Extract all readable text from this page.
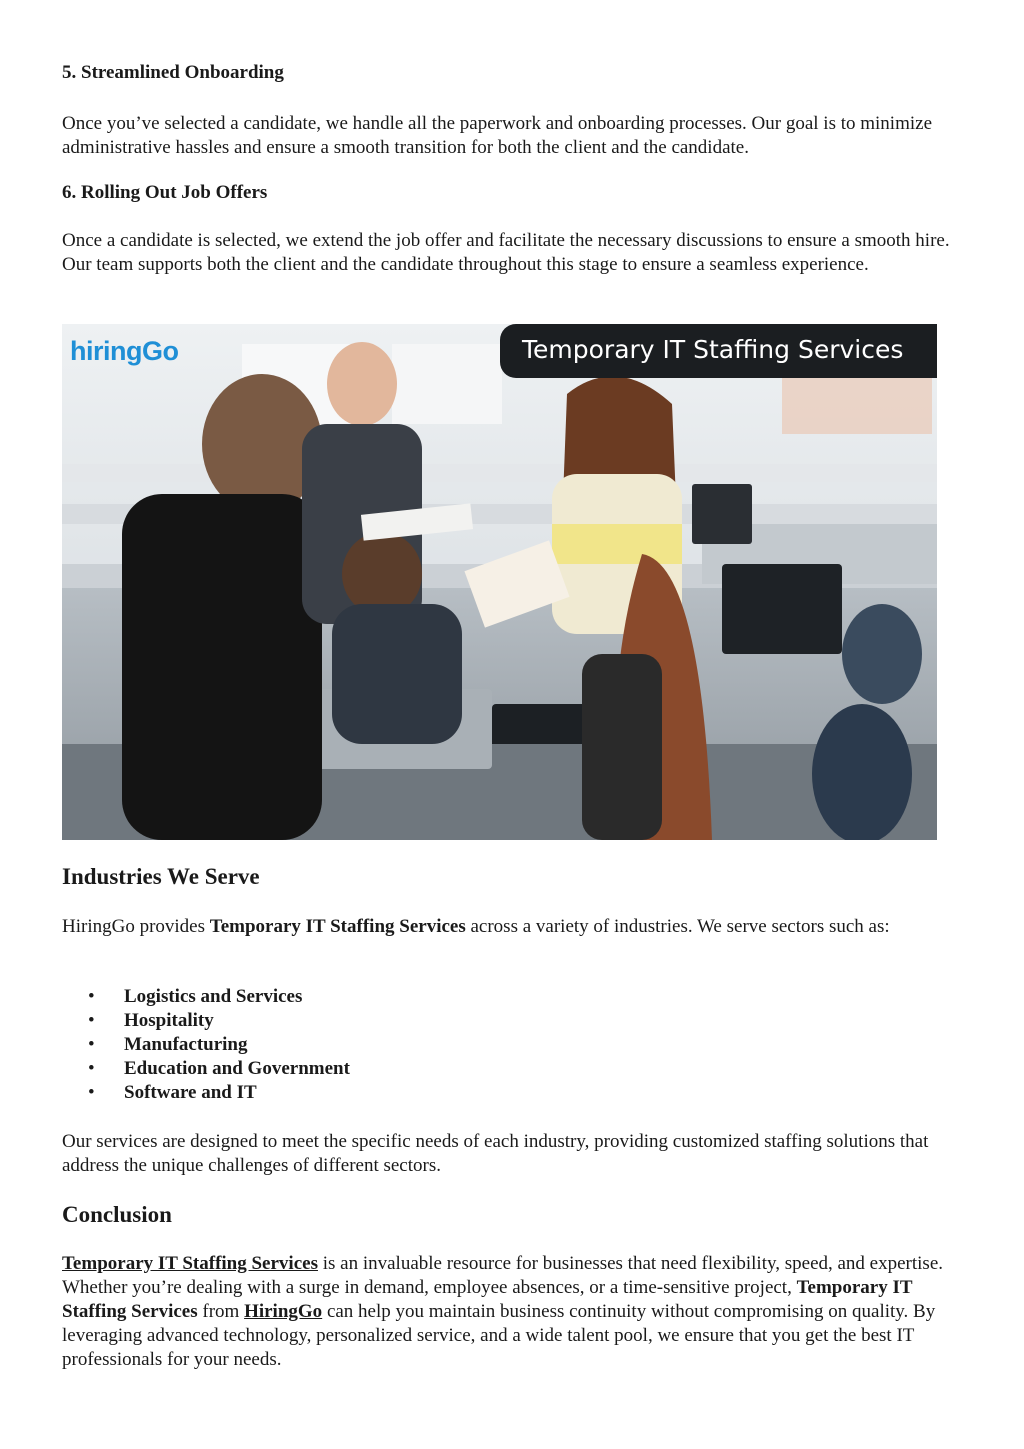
5. Streamlined Onboarding

Once you’ve selected a candidate, we handle all the paperwork and onboarding processes. Our goal is to minimize administrative hassles and ensure a smooth transition for both the client and the candidate.

6. Rolling Out Job Offers

Once a candidate is selected, we extend the job offer and facilitate the necessary discussions to ensure a smooth hire. Our team supports both the client and the candidate throughout this stage to ensure a seamless experience.

hiringGo	Temporary IT Staffing Services
Industries We Serve

HiringGo provides Temporary IT Staffing Services across a variety of industries. We serve sectors such as:

• Logistics and Services
• Hospitality
• Manufacturing
• Education and Government
• Software and IT

Our services are designed to meet the specific needs of each industry, providing customized staffing solutions that address the unique challenges of different sectors.

Conclusion

Temporary IT Staffing Services is an invaluable resource for businesses that need flexibility, speed, and expertise. Whether you’re dealing with a surge in demand, employee absences, or a time-sensitive project, Temporary IT Staffing Services from HiringGo can help you maintain business continuity without compromising on quality. By leveraging advanced technology, personalized service, and a wide talent pool, we ensure that you get the best IT professionals for your needs.
